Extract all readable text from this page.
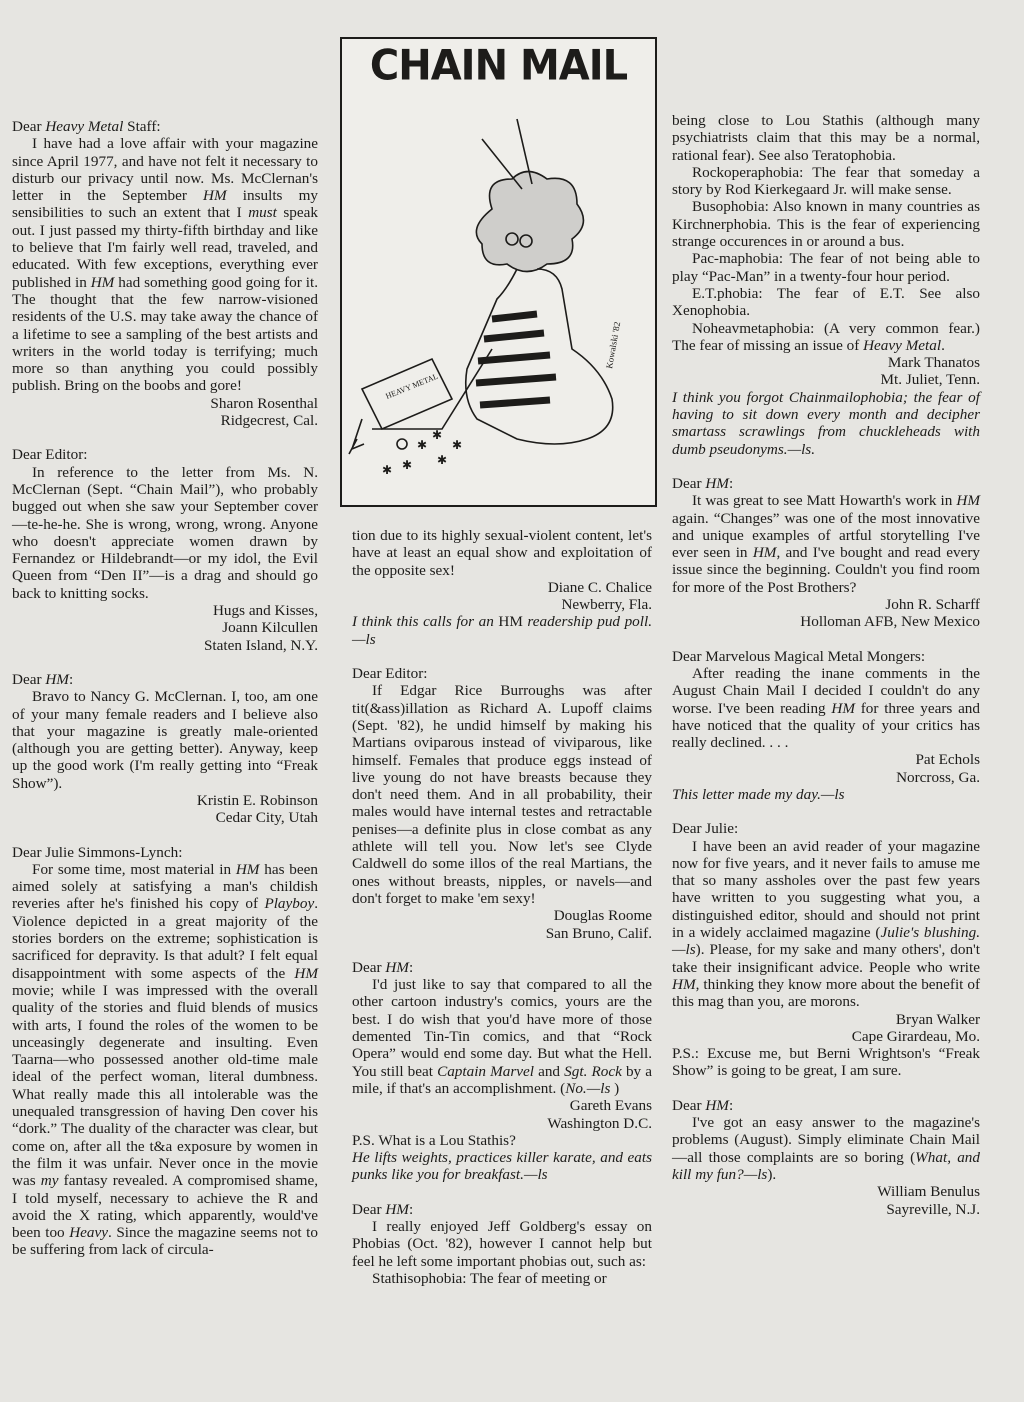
CHAIN MAIL
HEAVY METAL
✱
✱
✱ ✱
✱
✱
Kowalski '82
Dear Heavy Metal Staff:
I have had a love affair with your magazine since April 1977, and have not felt it necessary to disturb our privacy until now. Ms. McClernan's letter in the September HM insults my sensibilities to such an extent that I must speak out. I just passed my thirty-fifth birthday and like to believe that I'm fairly well read, traveled, and educated. With few exceptions, everything ever published in HM had something good going for it. The thought that the few narrow-visioned residents of the U.S. may take away the chance of a lifetime to see a sampling of the best artists and writers in the world today is terrifying; much more so than anything you could possibly publish. Bring on the boobs and gore!
Sharon Rosenthal
Ridgecrest, Cal.
Dear Editor:
In reference to the letter from Ms. N. McClernan (Sept. “Chain Mail”), who probably bugged out when she saw your September cover—te-he-he. She is wrong, wrong, wrong. Anyone who doesn't appreciate women drawn by Fernandez or Hildebrandt—or my idol, the Evil Queen from “Den II”—is a drag and should go back to knitting socks.
Hugs and Kisses,
Joann Kilcullen
Staten Island, N.Y.
Dear HM:
Bravo to Nancy G. McClernan. I, too, am one of your many female readers and I believe also that your magazine is greatly male-oriented (although you are getting better). Anyway, keep up the good work (I'm really getting into “Freak Show”).
Kristin E. Robinson
Cedar City, Utah
Dear Julie Simmons-Lynch:
For some time, most material in HM has been aimed solely at satisfying a man's childish reveries after he's finished his copy of Playboy. Violence depicted in a great majority of the stories borders on the extreme; sophistication is sacrificed for depravity. Is that adult? I felt equal disappointment with some aspects of the HM movie; while I was impressed with the overall quality of the stories and fluid blends of musics with arts, I found the roles of the women to be unceasingly degenerate and insulting. Even Taarna—who possessed another old-time male ideal of the perfect woman, literal dumbness. What really made this all intolerable was the unequaled transgression of having Den cover his “dork.” The duality of the character was clear, but come on, after all the t&a exposure by women in the film it was unfair. Never once in the movie was my fantasy revealed. A compromised shame, I told myself, necessary to achieve the R and avoid the X rating, which apparently, would've been too Heavy. Since the magazine seems not to be suffering from lack of circula-
tion due to its highly sexual-violent content, let's have at least an equal show and exploitation of the opposite sex!
Diane C. Chalice
Newberry, Fla.
I think this calls for an HM readership pud poll.—ls
Dear Editor:
If Edgar Rice Burroughs was after tit(&ass)illation as Richard A. Lupoff claims (Sept. '82), he undid himself by making his Martians oviparous instead of viviparous, like himself. Females that produce eggs instead of live young do not have breasts because they don't need them. And in all probability, their males would have internal testes and retractable penises—a definite plus in close combat as any athlete will tell you. Now let's see Clyde Caldwell do some illos of the real Martians, the ones without breasts, nipples, or navels—and don't forget to make 'em sexy!
Douglas Roome
San Bruno, Calif.
Dear HM:
I'd just like to say that compared to all the other cartoon industry's comics, yours are the best. I do wish that you'd have more of those demented Tin-Tin comics, and that “Rock Opera” would end some day. But what the Hell. You still beat Captain Marvel and Sgt. Rock by a mile, if that's an accomplishment. (No.—ls )
Gareth Evans
Washington D.C.
P.S. What is a Lou Stathis?
He lifts weights, practices killer karate, and eats punks like you for breakfast.—ls
Dear HM:
I really enjoyed Jeff Goldberg's essay on Phobias (Oct. '82), however I cannot help but feel he left some important phobias out, such as:
Stathisophobia: The fear of meeting or
being close to Lou Stathis (although many psychiatrists claim that this may be a normal, rational fear). See also Teratophobia.
Rockoperaphobia: The fear that someday a story by Rod Kierkegaard Jr. will make sense.
Busophobia: Also known in many countries as Kirchnerphobia. This is the fear of experiencing strange occurences in or around a bus.
Pac-maphobia: The fear of not being able to play “Pac-Man” in a twenty-four hour period.
E.T.phobia: The fear of E.T. See also Xenophobia.
Noheavmetaphobia: (A very common fear.) The fear of missing an issue of Heavy Metal.
Mark Thanatos
Mt. Juliet, Tenn.
I think you forgot Chainmailophobia; the fear of having to sit down every month and decipher smartass scrawlings from chuckleheads with dumb pseudonyms.—ls.
Dear HM:
It was great to see Matt Howarth's work in HM again. “Changes” was one of the most innovative and unique examples of artful storytelling I've ever seen in HM, and I've bought and read every issue since the beginning. Couldn't you find room for more of the Post Brothers?
John R. Scharff
Holloman AFB, New Mexico
Dear Marvelous Magical Metal Mongers:
After reading the inane comments in the August Chain Mail I decided I couldn't do any worse. I've been reading HM for three years and have noticed that the quality of your critics has really declined. . . .
Pat Echols
Norcross, Ga.
This letter made my day.—ls
Dear Julie:
I have been an avid reader of your magazine now for five years, and it never fails to amuse me that so many assholes over the past few years have written to you suggesting what you, a distinguished editor, should and should not print in a widely acclaimed magazine (Julie's blushing.—ls). Please, for my sake and many others', don't take their insignificant advice. People who write HM, thinking they know more about the benefit of this mag than you, are morons.
Bryan Walker
Cape Girardeau, Mo.
P.S.: Excuse me, but Berni Wrightson's “Freak Show” is going to be great, I am sure.
Dear HM:
I've got an easy answer to the magazine's problems (August). Simply eliminate Chain Mail—all those complaints are so boring (What, and kill my fun?—ls).
William Benulus
Sayreville, N.J.
